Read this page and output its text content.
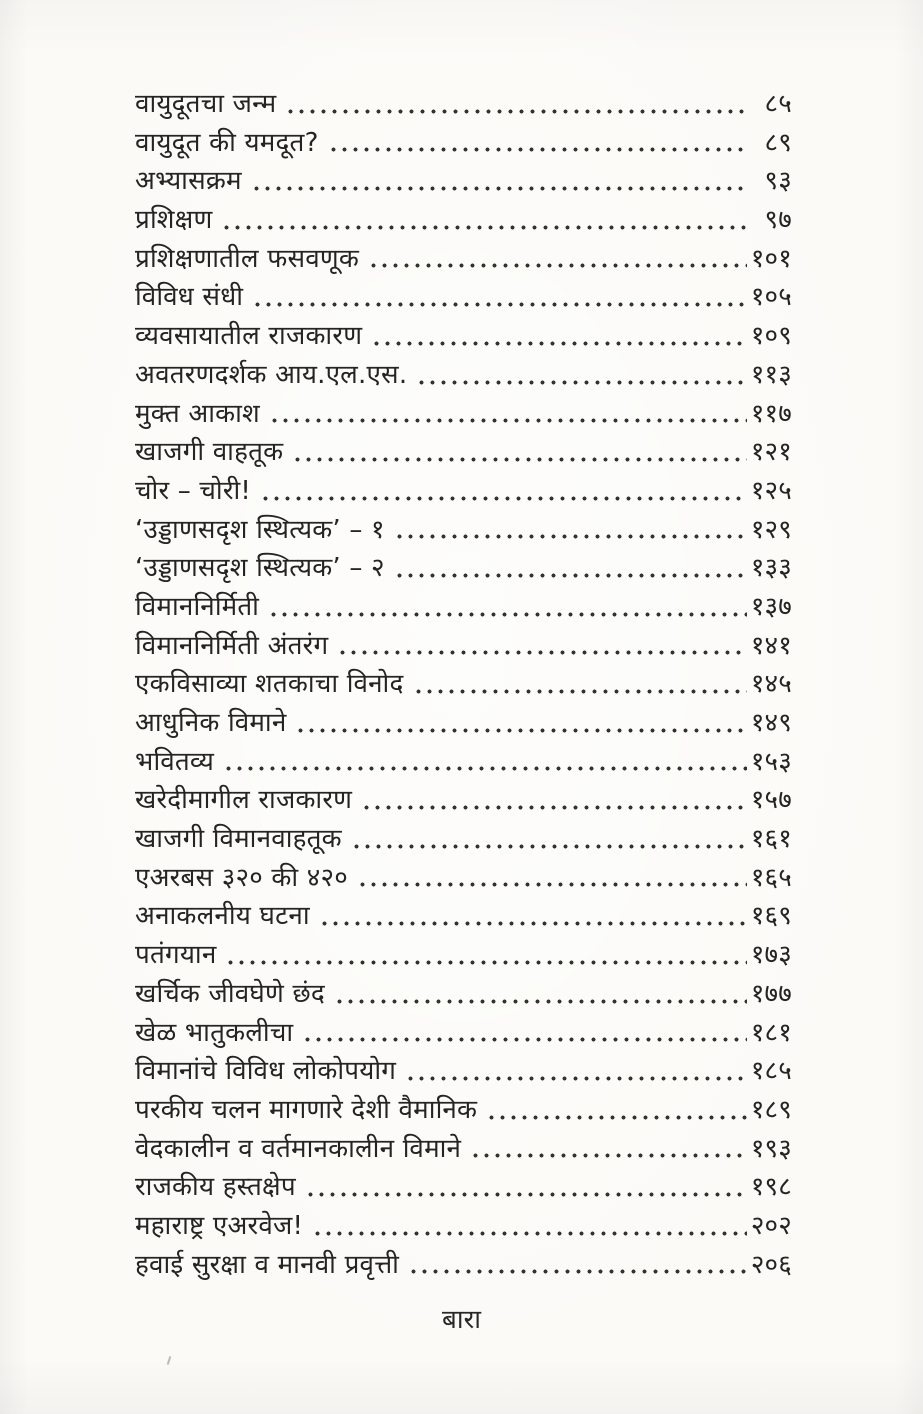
वायुदूतचा जन्म	८५
वायुदूत की यमदूत?	८९
अभ्यासक्रम	९३
प्रशिक्षण	९७
प्रशिक्षणातील फसवणूक	१०१
विविध संधी	१०५
व्यवसायातील राजकारण	१०९
अवतरणदर्शक आय.एल.एस.	११३
मुक्त आकाश	११७
खाजगी वाहतूक	१२१
चोर – चोरी!	१२५
‘उड्डाणसदृश स्थित्यक’ – १	१२९
‘उड्डाणसदृश स्थित्यक’ – २	१३३
विमाननिर्मिती	१३७
विमाननिर्मिती अंतरंग	१४१
एकविसाव्या शतकाचा विनोद	१४५
आधुनिक विमाने	१४९
भवितव्य	१५३
खरेदीमागील राजकारण	१५७
खाजगी विमानवाहतूक	१६१
एअरबस ३२० की ४२०	१६५
अनाकलनीय घटना	१६९
पतंगयान	१७३
खर्चिक जीवघेणे छंद	१७७
खेळ भातुकलीचा	१८१
विमानांचे विविध लोकोपयोग	१८५
परकीय चलन मागणारे देशी वैमानिक	१८९
वेदकालीन व वर्तमानकालीन विमाने	१९३
राजकीय हस्तक्षेप	१९८
महाराष्ट्र एअरवेज!	२०२
हवाई सुरक्षा व मानवी प्रवृत्ती	२०६
बारा
